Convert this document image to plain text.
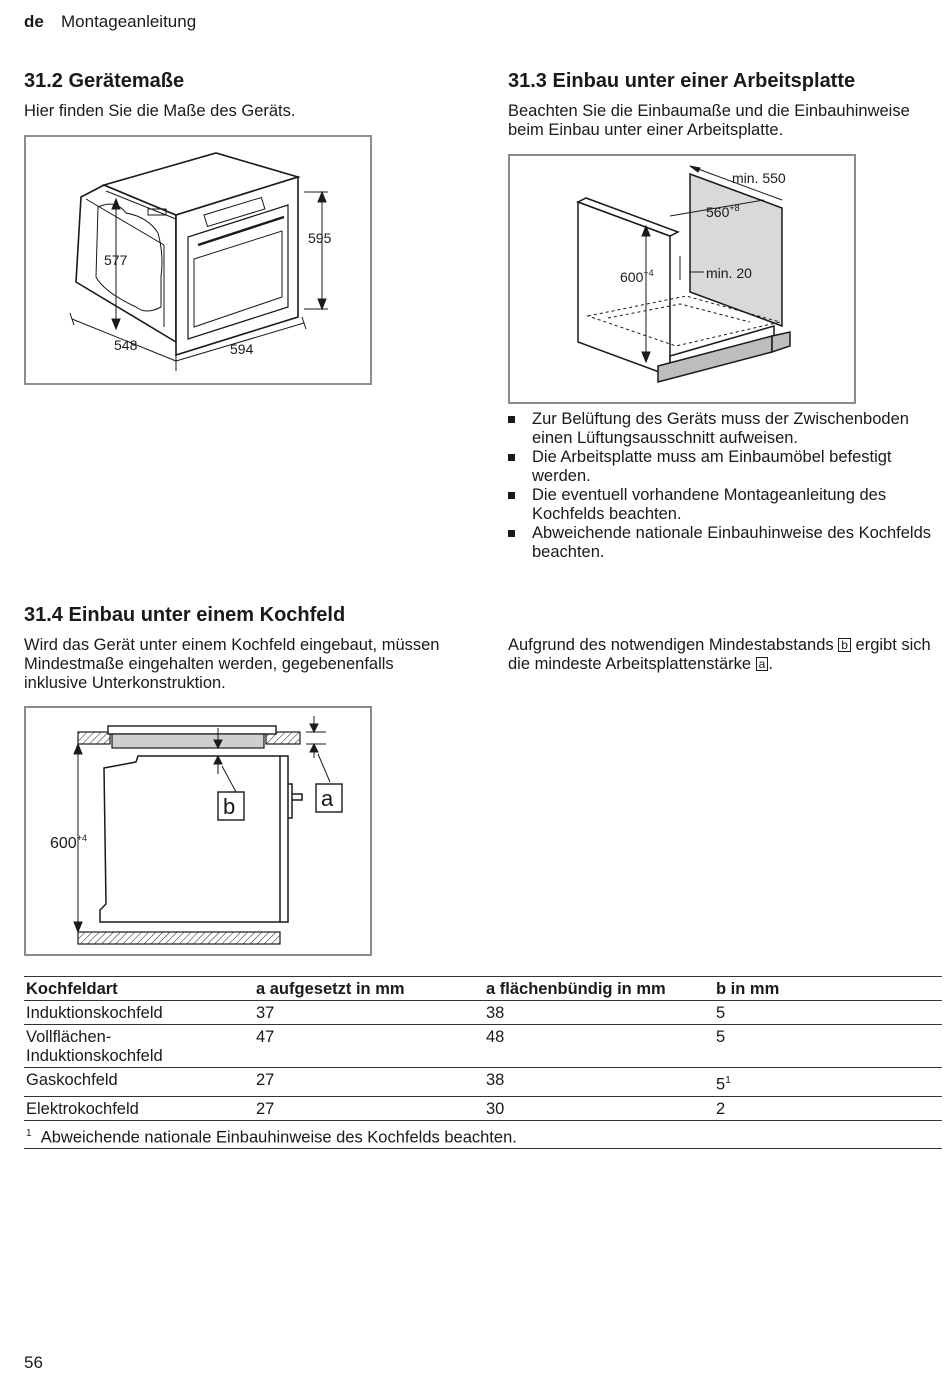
de Montageanleitung
31.2 Gerätemaße
Hier finden Sie die Maße des Geräts.
577
595
548	594
31.3 Einbau unter einer Arbeitsplatte
Beachten Sie die Einbaumaße und die Einbauhinweise beim Einbau unter einer Arbeitsplatte.
min. 550
$560^{+8}$
$600^{+4}$	min. 20
Zur Belüftung des Geräts muss der Zwischenboden einen Lüftungsausschnitt aufweisen.
Die Arbeitsplatte muss am Einbaumöbel befestigt werden.
Die eventuell vorhandene Montageanleitung des Kochfelds beachten.
Abweichende nationale Einbauhinweise des Kochfelds beachten.
31.4 Einbau unter einem Kochfeld
Wird das Gerät unter einem Kochfeld eingebaut, müssen Mindestmaße eingehalten werden, gegebenenfalls inklusive Unterkonstruktion.
Aufgrund des notwendigen Mindestabstands b ergibt sich die mindeste Arbeitsplattenstärke a .
b	a
$600^{+4}$
Kochfeldart	a aufgesetzt in mm	a flächenbündig in mm	b in mm
Induktionskochfeld	37	38	5
Vollflächen-Induktionskochfeld	47	48	5
Gaskochfeld	27	38	$5^1$
Elektrokochfeld	27	30	2
$^1$ Abweichende nationale Einbauhinweise des Kochfelds beachten.			
56
